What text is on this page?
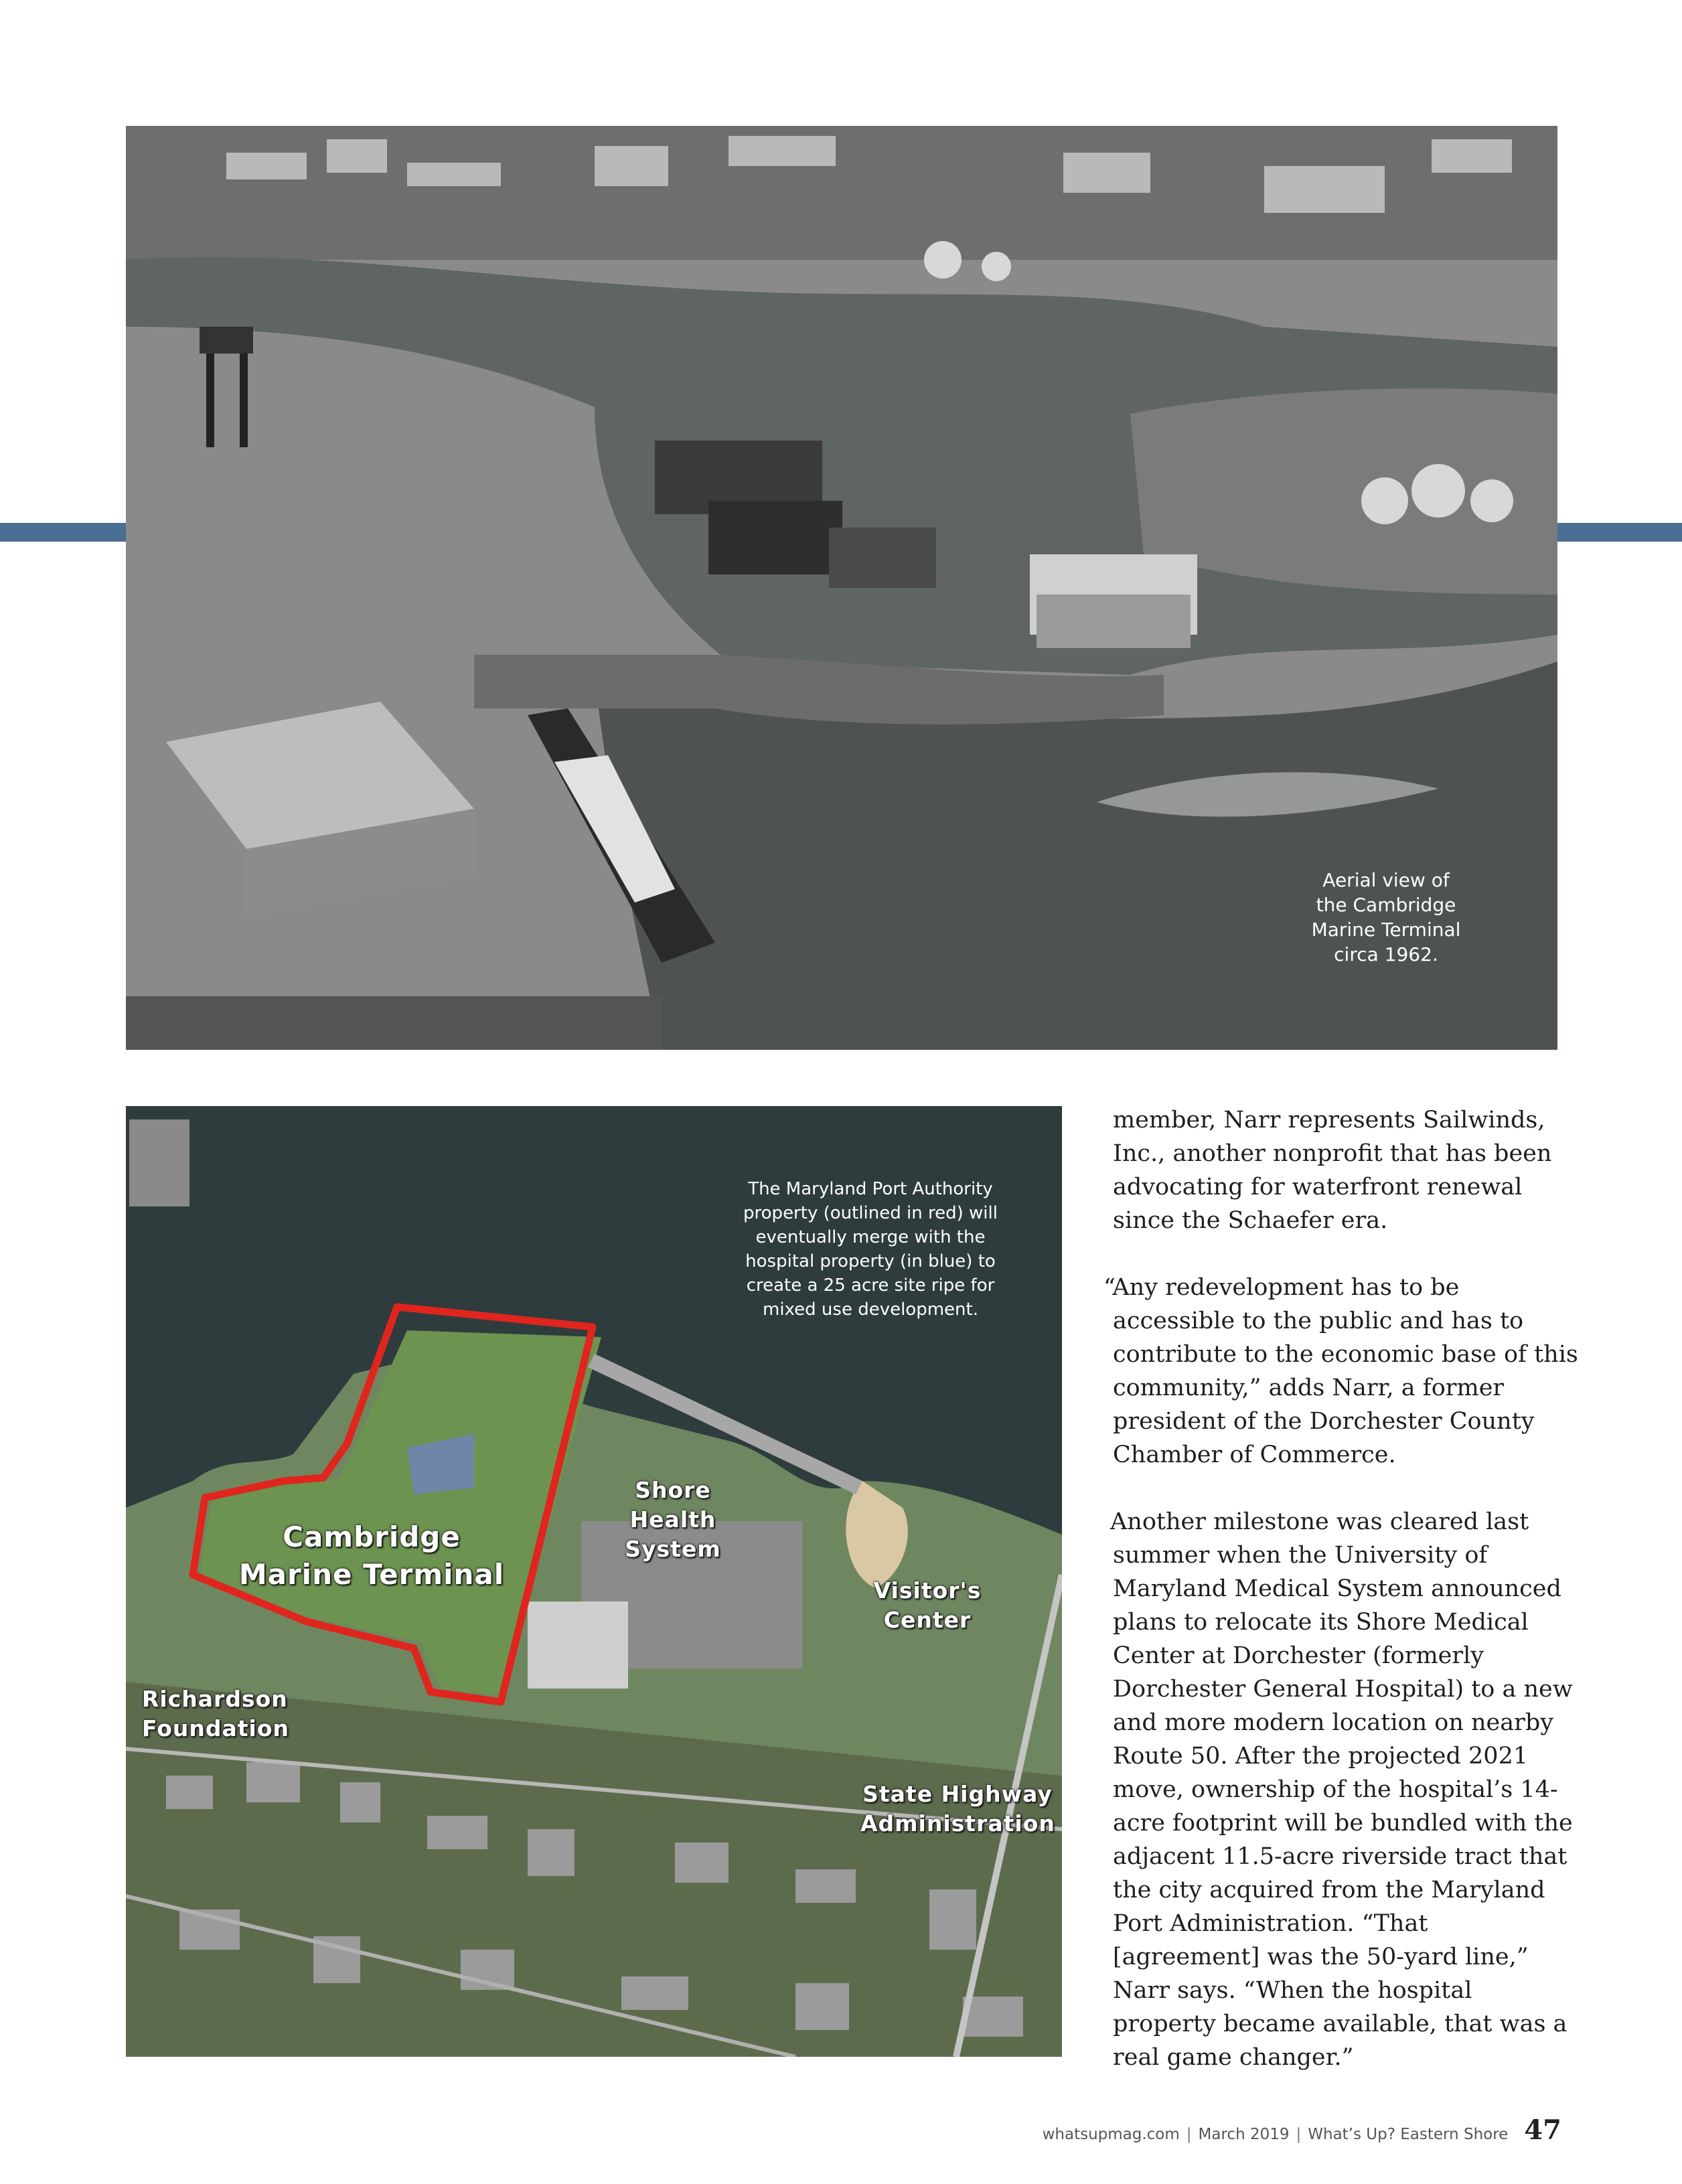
Aerial view of
the Cambridge
Marine Terminal
circa 1962.
The Maryland Port Authority
property (outlined in red) will
eventually merge with the
hospital property (in blue) to
create a 25 acre site ripe for
mixed use development.
Cambridge
Marine Terminal
Shore Health
System
Visitor's
Center
Richardson
Foundation
State Highway
Administration

member, Narr represents Sailwinds, Inc., another nonprofit that has been advocating for waterfront renewal since the Schaefer era.

“Any redevelopment has to be accessible to the public and has to contribute to the economic base of this community,” adds Narr, a former president of the Dorchester County Chamber of Commerce.

Another milestone was cleared last summer when the University of Maryland Medical System announced plans to relocate its Shore Medical Center at Dorchester (formerly Dorchester General Hospital) to a new and more modern location on nearby Route 50. After the projected 2021 move, ownership of the hospital’s 14-acre footprint will be bundled with the adjacent 11.5-acre riverside tract that the city acquired from the Maryland Port Administration. “That [agreement] was the 50-yard line,” Narr says. “When the hospital property became available, that was a real game changer.”

whatsupmag.com | March 2019 | What’s Up? Eastern Shore 47
